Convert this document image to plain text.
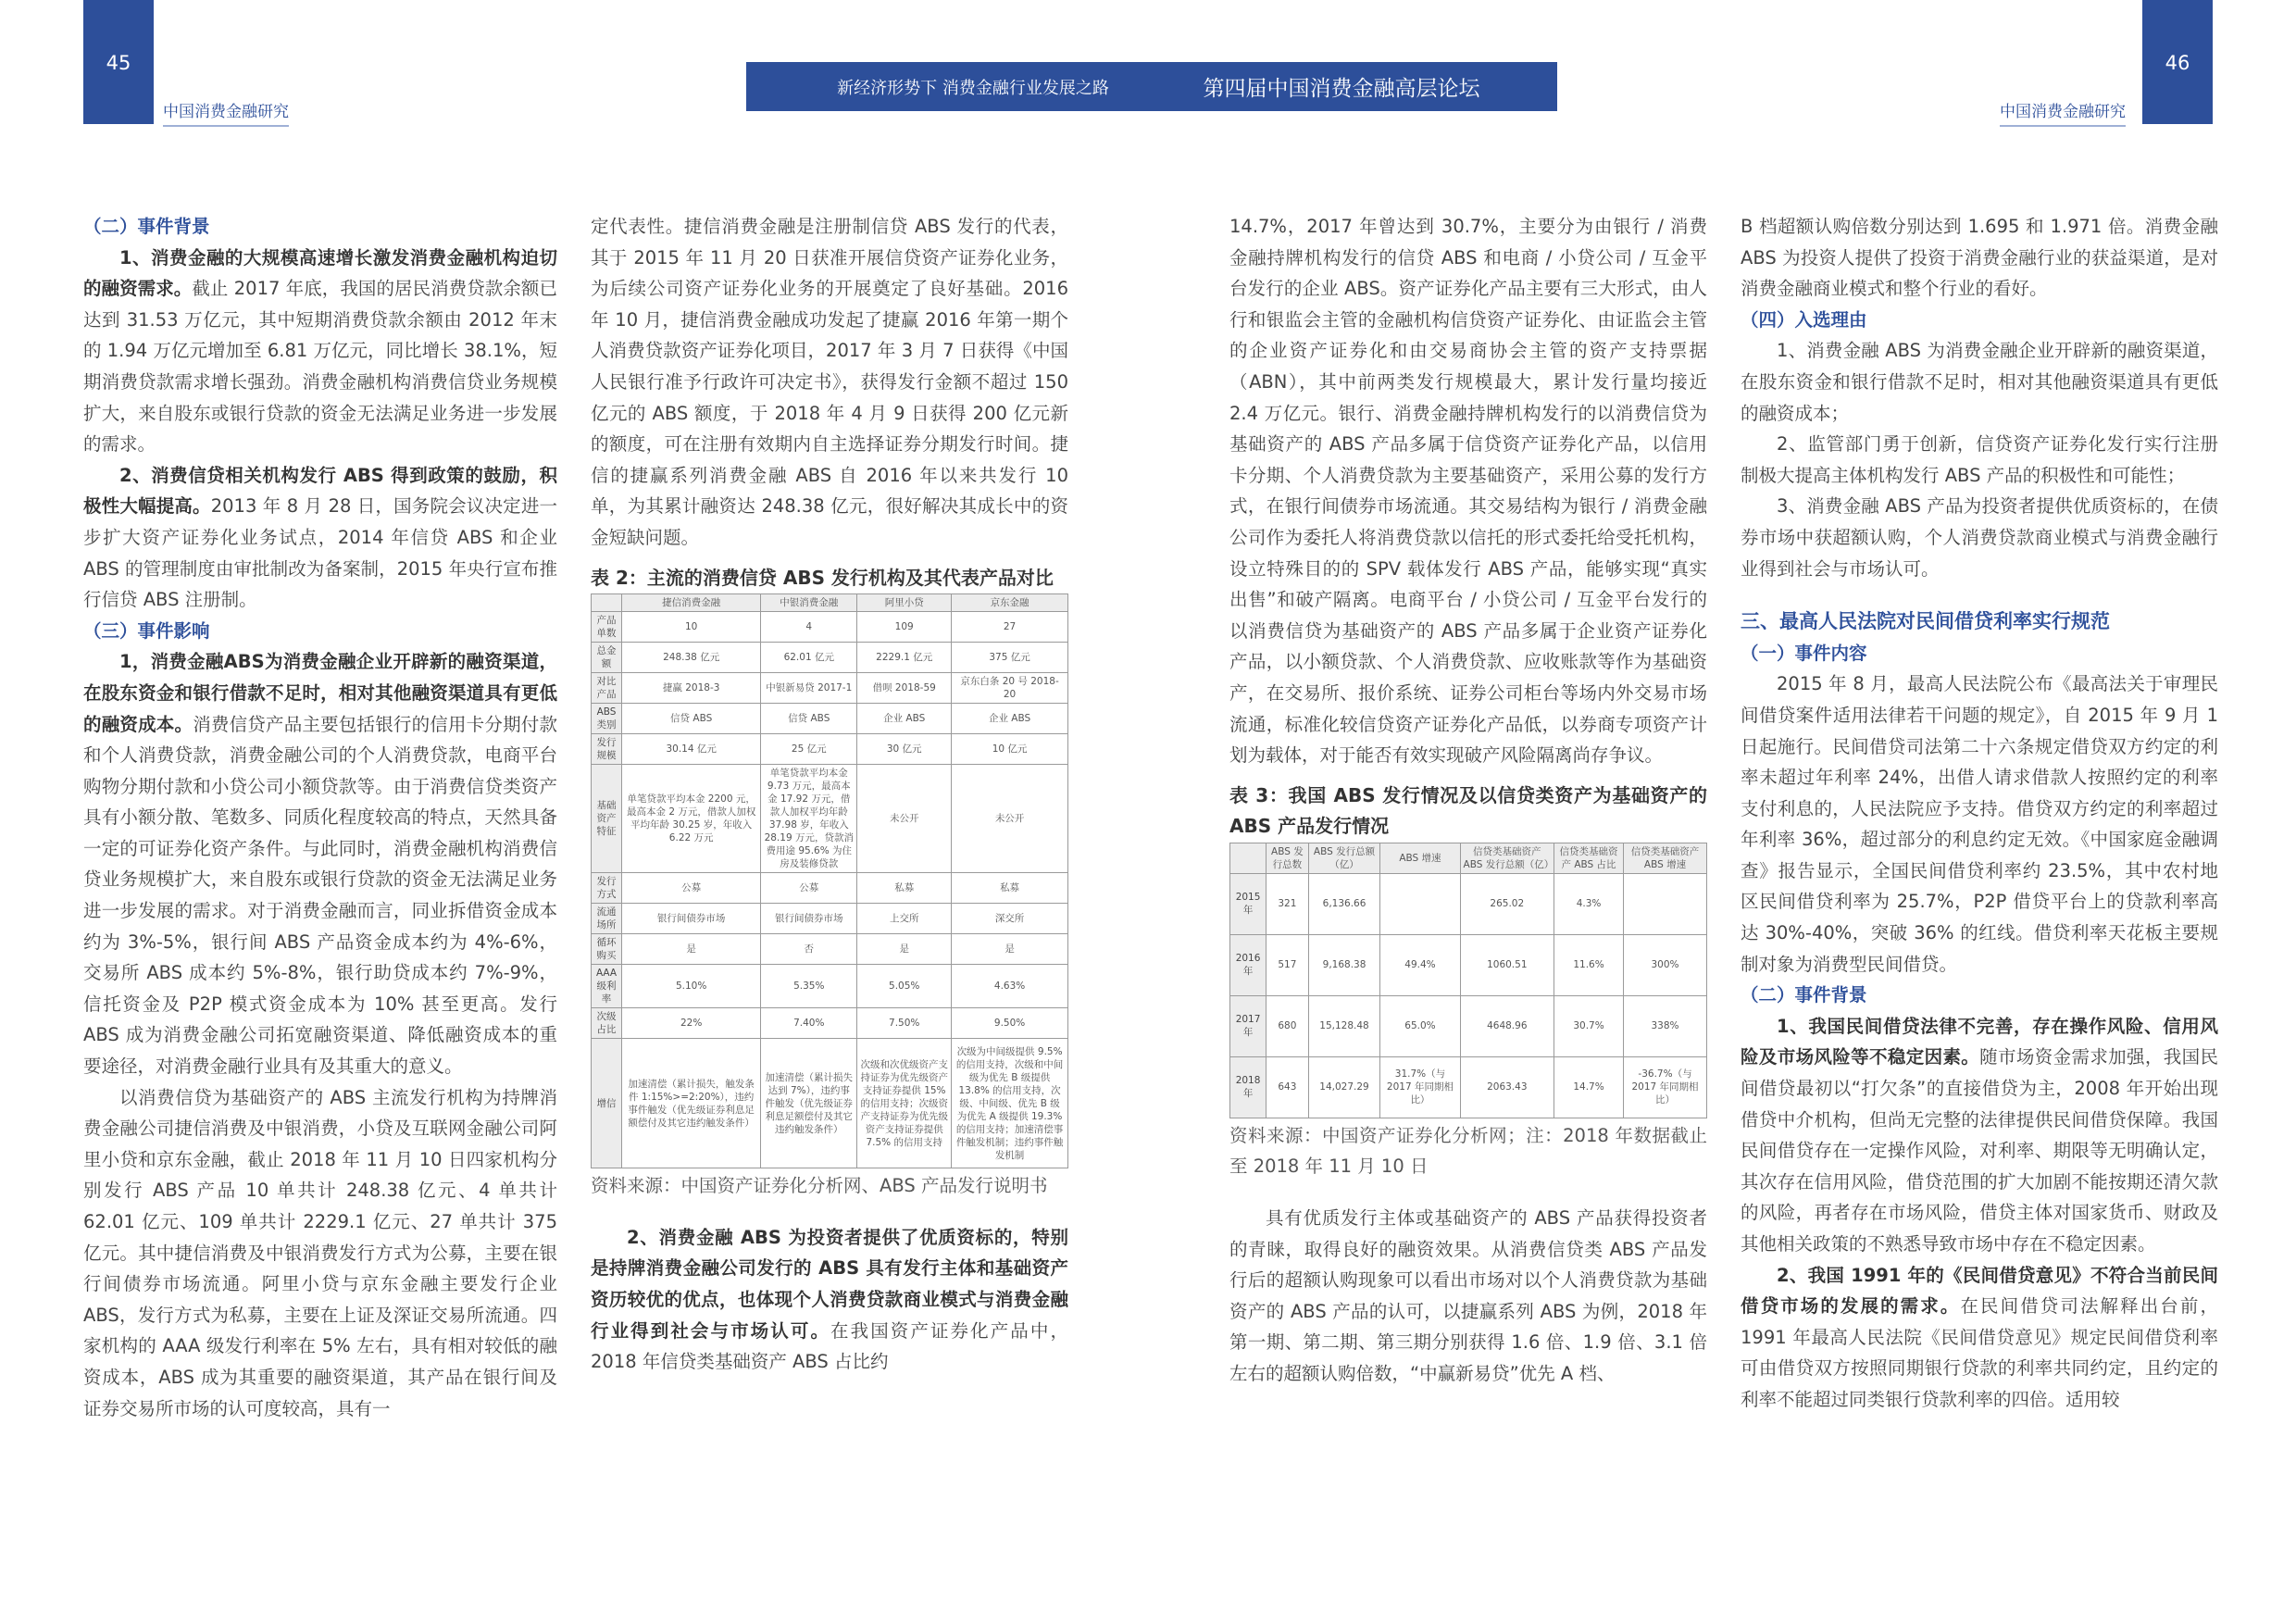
45
中国消费金融研究
新经济形势下 消费金融行业发展之路	第四届中国消费金融高层论坛
46
中国消费金融研究

（二）事件背景

1、消费金融的大规模高速增长激发消费金融机构迫切的融资需求。截止 2017 年底，我国的居民消费贷款余额已达到 31.53 万亿元，其中短期消费贷款余额由 2012 年末的 1.94 万亿元增加至 6.81 万亿元，同比增长 38.1%，短期消费贷款需求增长强劲。消费金融机构消费信贷业务规模扩大，来自股东或银行贷款的资金无法满足业务进一步发展的需求。

2、消费信贷相关机构发行 ABS 得到政策的鼓励，积极性大幅提高。2013 年 8 月 28 日，国务院会议决定进一步扩大资产证券化业务试点，2014 年信贷 ABS 和企业 ABS 的管理制度由审批制改为备案制，2015 年央行宣布推行信贷 ABS 注册制。

（三）事件影响

1，消费金融ABS为消费金融企业开辟新的融资渠道，在股东资金和银行借款不足时，相对其他融资渠道具有更低的融资成本。消费信贷产品主要包括银行的信用卡分期付款和个人消费贷款，消费金融公司的个人消费贷款，电商平台购物分期付款和小贷公司小额贷款等。由于消费信贷类资产具有小额分散、笔数多、同质化程度较高的特点，天然具备一定的可证券化资产条件。与此同时，消费金融机构消费信贷业务规模扩大，来自股东或银行贷款的资金无法满足业务进一步发展的需求。对于消费金融而言，同业拆借资金成本约为 3%-5%，银行间 ABS 产品资金成本约为 4%-6%，交易所 ABS 成本约 5%-8%，银行助贷成本约 7%-9%，信托资金及 P2P 模式资金成本为 10% 甚至更高。发行 ABS 成为消费金融公司拓宽融资渠道、降低融资成本的重要途径，对消费金融行业具有及其重大的意义。

以消费信贷为基础资产的 ABS 主流发行机构为持牌消费金融公司捷信消费及中银消费，小贷及互联网金融公司阿里小贷和京东金融，截止 2018 年 11 月 10 日四家机构分别发行 ABS 产品 10 单共计 248.38 亿元、4 单共计 62.01 亿元、109 单共计 2229.1 亿元、27 单共计 375 亿元。其中捷信消费及中银消费发行方式为公募，主要在银行间债券市场流通。阿里小贷与京东金融主要发行企业 ABS，发行方式为私募，主要在上证及深证交易所流通。四家机构的 AAA 级发行利率在 5% 左右，具有相对较低的融资成本，ABS 成为其重要的融资渠道，其产品在银行间及证券交易所市场的认可度较高，具有一

定代表性。捷信消费金融是注册制信贷 ABS 发行的代表，其于 2015 年 11 月 20 日获准开展信贷资产证券化业务，为后续公司资产证券化业务的开展奠定了良好基础。2016 年 10 月，捷信消费金融成功发起了捷赢 2016 年第一期个人消费贷款资产证券化项目，2017 年 3 月 7 日获得《中国人民银行准予行政许可决定书》，获得发行金额不超过 150 亿元的 ABS 额度，于 2018 年 4 月 9 日获得 200 亿元新的额度，可在注册有效期内自主选择证券分期发行时间。捷信的捷赢系列消费金融 ABS 自 2016 年以来共发行 10 单，为其累计融资达 248.38 亿元，很好解决其成长中的资金短缺问题。

表 2：主流的消费信贷 ABS 发行机构及其代表产品对比

	捷信消费金融	中银消费金融	阿里小贷	京东金融
产品单数	10	4	109	27
总金额	248.38 亿元	62.01 亿元	2229.1 亿元	375 亿元
对比产品	捷赢 2018-3	中银新易贷 2017-1	借呗 2018-59	京东白条 20 号 2018-20
ABS 类别	信贷 ABS	信贷 ABS	企业 ABS	企业 ABS
发行规模	30.14 亿元	25 亿元	30 亿元	10 亿元
基础资产特征	单笔贷款平均本金 2200 元，最高本金 2 万元，借款人加权平均年龄 30.25 岁，年收入 6.22 万元	单笔贷款平均本金 9.73 万元，最高本金 17.92 万元，借款人加权平均年龄 37.98 岁，年收入 28.19 万元，贷款消费用途 95.6% 为住房及装修贷款	未公开	未公开
发行方式	公募	公募	私募	私募
流通场所	银行间债券市场	银行间债券市场	上交所	深交所
循环购买	是	否	是	是
AAA 级利率	5.10%	5.35%	5.05%	4.63%
次级占比	22%	7.40%	7.50%	9.50%
增信	加速清偿（累计损失，触发条件 1:15%>=2:20%），违约事件触发（优先级证券利息足额偿付及其它违约触发条件）	加速清偿（累计损失达到 7%），违约事件触发（优先级证券利息足额偿付及其它违约触发条件）	次级和次优级资产支持证券为优先级资产支持证券提供 15% 的信用支持；次级资产支持证券为优先级资产支持证券提供 7.5% 的信用支持	次级为中间级提供 9.5% 的信用支持，次级和中间级为优先 B 级提供 13.8% 的信用支持，次级、中间级、优先 B 级为优先 A 级提供 19.3% 的信用支持；加速清偿事件触发机制；违约事件触发机制

资料来源：中国资产证券化分析网、ABS 产品发行说明书

2、消费金融 ABS 为投资者提供了优质资标的，特别是持牌消费金融公司发行的 ABS 具有发行主体和基础资产资历较优的优点，也体现个人消费贷款商业模式与消费金融行业得到社会与市场认可。在我国资产证券化产品中，2018 年信贷类基础资产 ABS 占比约

14.7%，2017 年曾达到 30.7%，主要分为由银行 / 消费金融持牌机构发行的信贷 ABS 和电商 / 小贷公司 / 互金平台发行的企业 ABS。资产证券化产品主要有三大形式，由人行和银监会主管的金融机构信贷资产证券化、由证监会主管的企业资产证券化和由交易商协会主管的资产支持票据（ABN），其中前两类发行规模最大，累计发行量均接近 2.4 万亿元。银行、消费金融持牌机构发行的以消费信贷为基础资产的 ABS 产品多属于信贷资产证券化产品，以信用卡分期、个人消费贷款为主要基础资产，采用公募的发行方式，在银行间债券市场流通。其交易结构为银行 / 消费金融公司作为委托人将消费贷款以信托的形式委托给受托机构，设立特殊目的的 SPV 载体发行 ABS 产品，能够实现“真实出售”和破产隔离。电商平台 / 小贷公司 / 互金平台发行的以消费信贷为基础资产的 ABS 产品多属于企业资产证券化产品，以小额贷款、个人消费贷款、应收账款等作为基础资产，在交易所、报价系统、证券公司柜台等场内外交易市场流通，标准化较信贷资产证券化产品低，以券商专项资产计划为载体，对于能否有效实现破产风险隔离尚存争议。

表 3：我国 ABS 发行情况及以信贷类资产为基础资产的 ABS 产品发行情况

	ABS 发行总数	ABS 发行总额（亿）	ABS 增速	信贷类基础资产 ABS 发行总额（亿）	信贷类基础资产 ABS 占比	信贷类基础资产 ABS 增速
2015 年	321	6,136.66		265.02	4.3%	
2016 年	517	9,168.38	49.4%	1060.51	11.6%	300%
2017 年	680	15,128.48	65.0%	4648.96	30.7%	338%
2018 年	643	14,027.29	31.7%（与 2017 年同期相比）	2063.43	14.7%	-36.7%（与 2017 年同期相比）

资料来源：中国资产证券化分析网；注：2018 年数据截止至 2018 年 11 月 10 日

具有优质发行主体或基础资产的 ABS 产品获得投资者的青睐，取得良好的融资效果。从消费信贷类 ABS 产品发行后的超额认购现象可以看出市场对以个人消费贷款为基础资产的 ABS 产品的认可，以捷赢系列 ABS 为例，2018 年第一期、第二期、第三期分别获得 1.6 倍、1.9 倍、3.1 倍左右的超额认购倍数，“中赢新易贷”优先 A 档、

B 档超额认购倍数分别达到 1.695 和 1.971 倍。消费金融 ABS 为投资人提供了投资于消费金融行业的获益渠道，是对消费金融商业模式和整个行业的看好。

（四）入选理由

1、消费金融 ABS 为消费金融企业开辟新的融资渠道，在股东资金和银行借款不足时，相对其他融资渠道具有更低的融资成本；

2、监管部门勇于创新，信贷资产证券化发行实行注册制极大提高主体机构发行 ABS 产品的积极性和可能性；

3、消费金融 ABS 产品为投资者提供优质资标的，在债券市场中获超额认购，个人消费贷款商业模式与消费金融行业得到社会与市场认可。

三、最高人民法院对民间借贷利率实行规范

（一）事件内容

2015 年 8 月，最高人民法院公布《最高法关于审理民间借贷案件适用法律若干问题的规定》，自 2015 年 9 月 1 日起施行。民间借贷司法第二十六条规定借贷双方约定的利率未超过年利率 24%，出借人请求借款人按照约定的利率支付利息的，人民法院应予支持。借贷双方约定的利率超过年利率 36%，超过部分的利息约定无效。《中国家庭金融调查》报告显示，全国民间借贷利率约 23.5%，其中农村地区民间借贷利率为 25.7%，P2P 借贷平台上的贷款利率高达 30%-40%，突破 36% 的红线。借贷利率天花板主要规制对象为消费型民间借贷。

（二）事件背景

1、我国民间借贷法律不完善，存在操作风险、信用风险及市场风险等不稳定因素。随市场资金需求加强，我国民间借贷最初以“打欠条”的直接借贷为主，2008 年开始出现借贷中介机构，但尚无完整的法律提供民间借贷保障。我国民间借贷存在一定操作风险，对利率、期限等无明确认定，其次存在信用风险，借贷范围的扩大加剧不能按期还清欠款的风险，再者存在市场风险，借贷主体对国家货币、财政及其他相关政策的不熟悉导致市场中存在不稳定因素。

2、我国 1991 年的《民间借贷意见》不符合当前民间借贷市场的发展的需求。在民间借贷司法解释出台前，1991 年最高人民法院《民间借贷意见》规定民间借贷利率可由借贷双方按照同期银行贷款的利率共同约定，且约定的利率不能超过同类银行贷款利率的四倍。适用较
